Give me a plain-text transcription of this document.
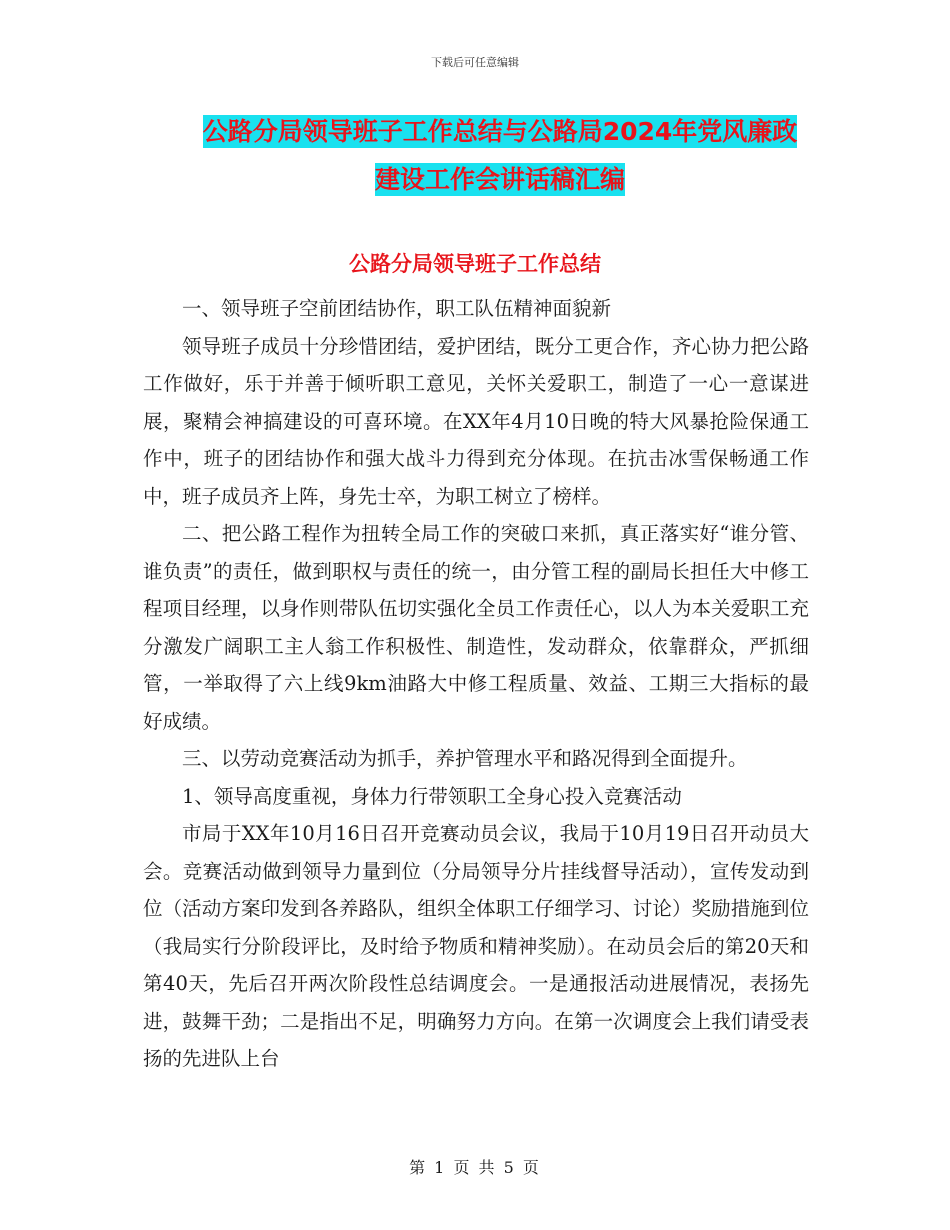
下载后可任意编辑
公路分局领导班子工作总结与公路局2024年党风廉政
建设工作会讲话稿汇编
公路分局领导班子工作总结

一、领导班子空前团结协作，职工队伍精神面貌新

领导班子成员十分珍惜团结，爱护团结，既分工更合作，齐心协力把公路工作做好，乐于并善于倾听职工意见，关怀关爱职工，制造了一心一意谋进展，聚精会神搞建设的可喜环境。在XX年4月10日晚的特大风暴抢险保通工作中，班子的团结协作和强大战斗力得到充分体现。在抗击冰雪保畅通工作中，班子成员齐上阵，身先士卒，为职工树立了榜样。

二、把公路工程作为扭转全局工作的突破口来抓，真正落实好“谁分管、谁负责”的责任，做到职权与责任的统一，由分管工程的副局长担任大中修工程项目经理，以身作则带队伍切实强化全员工作责任心，以人为本关爱职工充分激发广阔职工主人翁工作积极性、制造性，发动群众，依靠群众，严抓细管，一举取得了六上线9km油路大中修工程质量、效益、工期三大指标的最好成绩。

三、以劳动竞赛活动为抓手，养护管理水平和路况得到全面提升。

1、领导高度重视，身体力行带领职工全身心投入竞赛活动

市局于XX年10月16日召开竞赛动员会议，我局于10月19日召开动员大会。竞赛活动做到领导力量到位（分局领导分片挂线督导活动），宣传发动到位（活动方案印发到各养路队，组织全体职工仔细学习、讨论）奖励措施到位（我局实行分阶段评比，及时给予物质和精神奖励）。在动员会后的第20天和第40天，先后召开两次阶段性总结调度会。一是通报活动进展情况，表扬先进，鼓舞干劲；二是指出不足，明确努力方向。在第一次调度会上我们请受表扬的先进队上台

第 1 页 共 5 页
